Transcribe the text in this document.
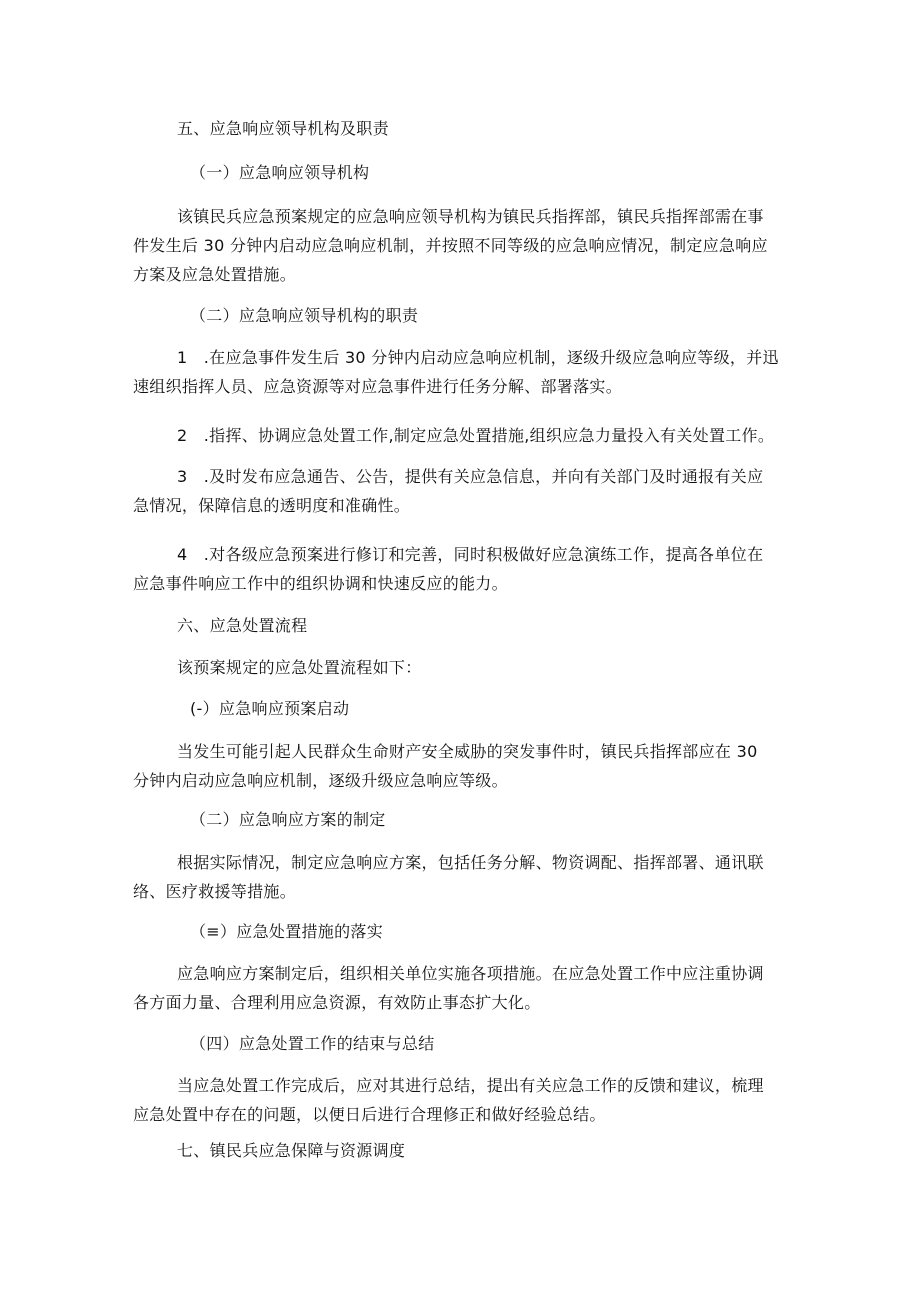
五、应急响应领导机构及职责
（一）应急响应领导机构
该镇民兵应急预案规定的应急响应领导机构为镇民兵指挥部，镇民兵指挥部需在事
件发生后 30 分钟内启动应急响应机制，并按照不同等级的应急响应情况，制定应急响应
方案及应急处置措施。
（二）应急响应领导机构的职责
1　.在应急事件发生后 30 分钟内启动应急响应机制，逐级升级应急响应等级，并迅
速组织指挥人员、应急资源等对应急事件进行任务分解、部署落实。
2　.指挥、协调应急处置工作,制定应急处置措施,组织应急力量投入有关处置工作。
3　.及时发布应急通告、公告，提供有关应急信息，并向有关部门及时通报有关应
急情况，保障信息的透明度和准确性。
4　.对各级应急预案进行修订和完善，同时积极做好应急演练工作，提高各单位在
应急事件响应工作中的组织协调和快速反应的能力。
六、应急处置流程
该预案规定的应急处置流程如下：
(-）应急响应预案启动
当发生可能引起人民群众生命财产安全威胁的突发事件时，镇民兵指挥部应在 30
分钟内启动应急响应机制，逐级升级应急响应等级。
（二）应急响应方案的制定
根据实际情况，制定应急响应方案，包括任务分解、物资调配、指挥部署、通讯联
络、医疗救援等措施。
（≡）应急处置措施的落实
应急响应方案制定后，组织相关单位实施各项措施。在应急处置工作中应注重协调
各方面力量、合理利用应急资源，有效防止事态扩大化。
（四）应急处置工作的结束与总结
当应急处置工作完成后，应对其进行总结，提出有关应急工作的反馈和建议，梳理
应急处置中存在的问题，以便日后进行合理修正和做好经验总结。
七、镇民兵应急保障与资源调度
